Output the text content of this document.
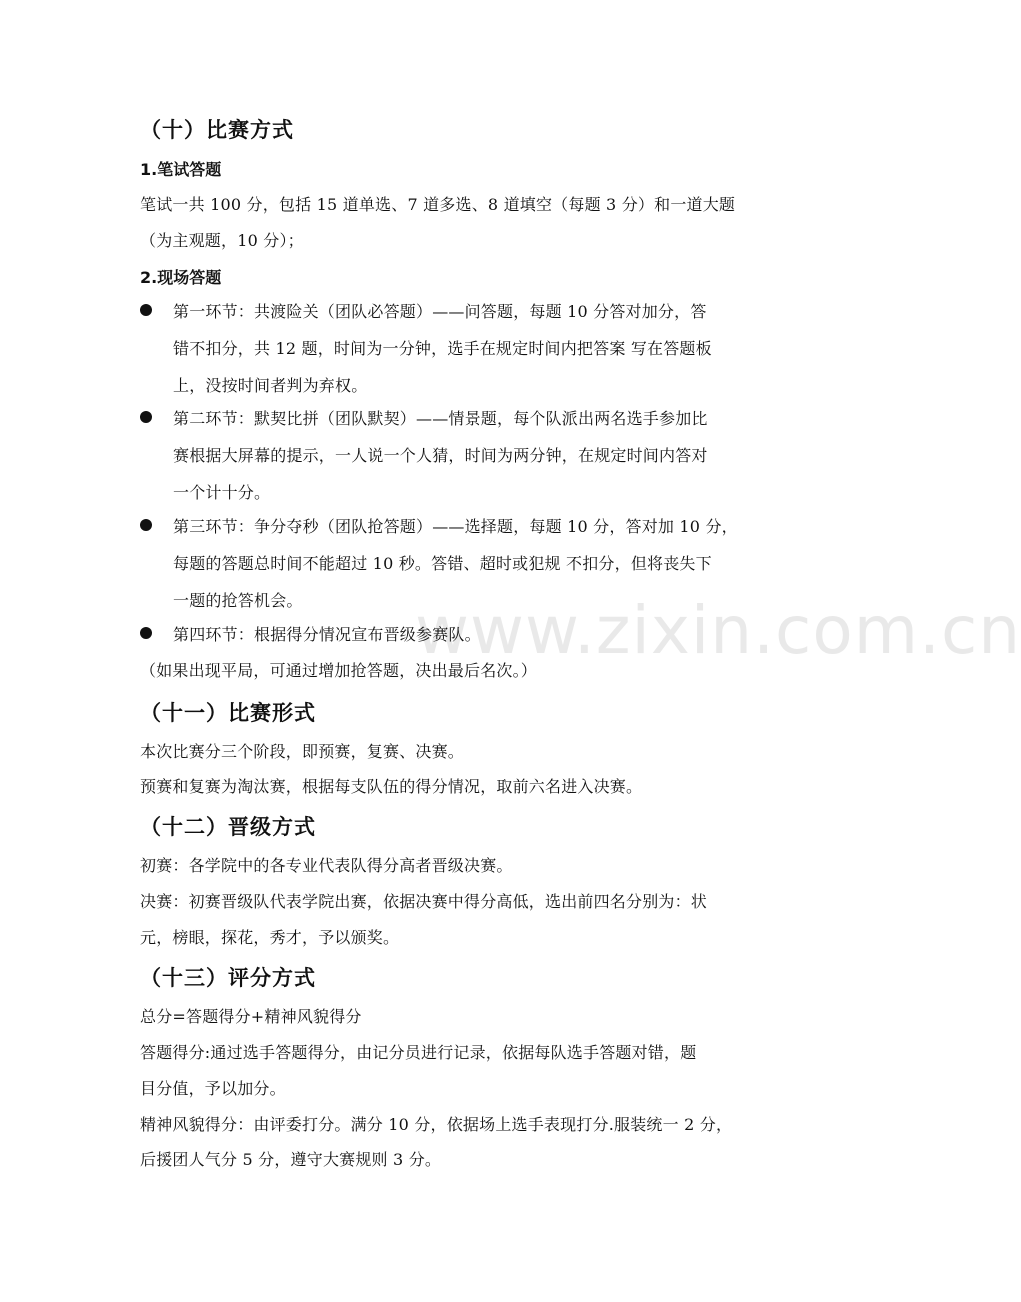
www.zixin.com.cn
（十）比赛方式
1.笔试答题
笔试一共 100 分，包括 15 道单选、7 道多选、8 道填空（每题 3 分）和一道大题
（为主观题，10 分）；
2.现场答题
第一环节：共渡险关（团队必答题）——问答题，每题 10 分答对加分，答
错不扣分，共 12 题，时间为一分钟，选手在规定时间内把答案 写在答题板
上，没按时间者判为弃权。
第二环节：默契比拼（团队默契）——情景题，每个队派出两名选手参加比
赛根据大屏幕的提示，一人说一个人猜，时间为两分钟，在规定时间内答对
一个计十分。
第三环节：争分夺秒（团队抢答题）——选择题，每题 10 分，答对加 10 分，
每题的答题总时间不能超过 10 秒。答错、超时或犯规 不扣分，但将丧失下
一题的抢答机会。
第四环节：根据得分情况宣布晋级参赛队。
（如果出现平局，可通过增加抢答题，决出最后名次。）
（十一）比赛形式
本次比赛分三个阶段，即预赛，复赛、决赛。
预赛和复赛为淘汰赛，根据每支队伍的得分情况，取前六名进入决赛。
（十二）晋级方式
初赛：各学院中的各专业代表队得分高者晋级决赛。
决赛：初赛晋级队代表学院出赛，依据决赛中得分高低，选出前四名分别为：状
元，榜眼，探花，秀才，予以颁奖。
（十三）评分方式
总分=答题得分+精神风貌得分
答题得分:通过选手答题得分，由记分员进行记录，依据每队选手答题对错，题
目分值，予以加分。
精神风貌得分：由评委打分。满分 10 分，依据场上选手表现打分.服装统一 2 分，
后援团人气分 5 分，遵守大赛规则 3 分。
